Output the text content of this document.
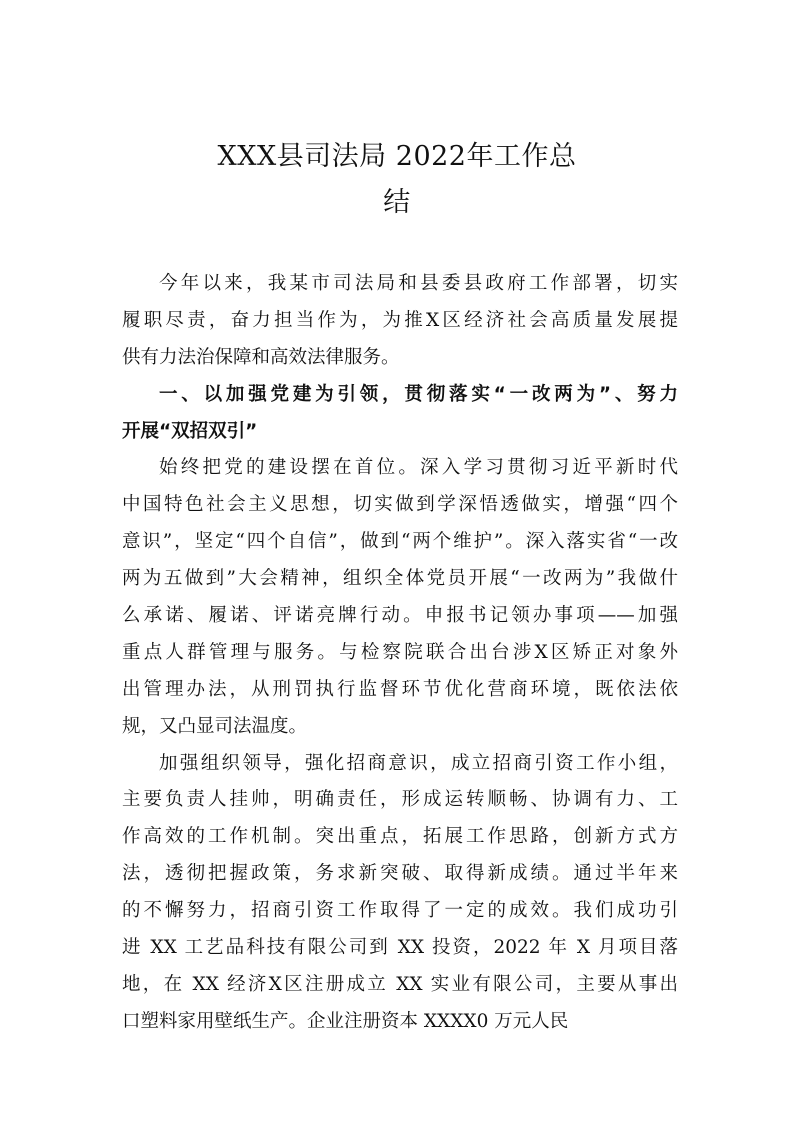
XXX县司法局 2022年工作总
结
今年以来，我某市司法局和县委县政府工作部署，切实
履职尽责，奋力担当作为，为推X区经济社会高质量发展提
供有力法治保障和高效法律服务。
一、以加强党建为引领，贯彻落实“一改两为”、努力
开展“双招双引”
始终把党的建设摆在首位。深入学习贯彻习近平新时代
中国特色社会主义思想，切实做到学深悟透做实，增强“四个
意识”，坚定“四个自信”，做到“两个维护”。深入落实省“一改
两为五做到”大会精神，组织全体党员开展“一改两为”我做什
么承诺、履诺、评诺亮牌行动。申报书记领办事项——加强
重点人群管理与服务。与检察院联合出台涉X区矫正对象外
出管理办法，从刑罚执行监督环节优化营商环境，既依法依
规，又凸显司法温度。
加强组织领导，强化招商意识，成立招商引资工作小组，
主要负责人挂帅，明确责任，形成运转顺畅、协调有力、工
作高效的工作机制。突出重点，拓展工作思路，创新方式方
法，透彻把握政策，务求新突破、取得新成绩。通过半年来
的不懈努力，招商引资工作取得了一定的成效。我们成功引
进 XX 工艺品科技有限公司到 XX 投资，2022 年 X 月项目落
地，在 XX 经济X区注册成立 XX 实业有限公司，主要从事出
口塑料家用壁纸生产。企业注册资本 XXXX0 万元人民
